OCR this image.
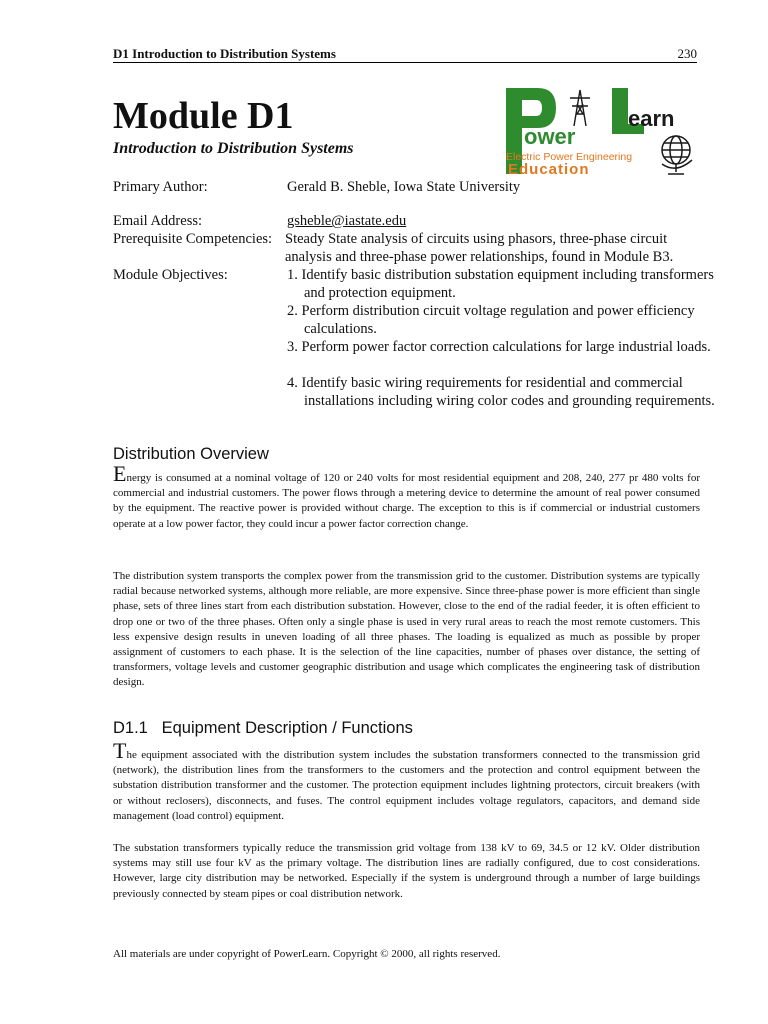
D1 Introduction to Distribution Systems	230
Module D1
Introduction to Distribution Systems
earn
ower
Electric Power Engineering
Education
Primary Author:	Gerald B. Sheble, Iowa State University
Email Address:	gsheble@iastate.edu
Prerequisite Competencies: Steady State analysis of circuits using phasors, three-phase circuit analysis and three-phase power relationships, found in Module B3.
Module Objectives:	1. Identify basic distribution substation equipment including transformers and protection equipment.
2. Perform distribution circuit voltage regulation and power efficiency calculations.
3. Perform power factor correction calculations for large industrial loads.
4. Identify basic wiring requirements for residential and commercial installations including wiring color codes and grounding requirements.
Distribution Overview

Energy is consumed at a nominal voltage of 120 or 240 volts for most residential equipment and 208, 240, 277 pr 480 volts for commercial and industrial customers. The power flows through a metering device to determine the amount of real power consumed by the equipment. The reactive power is provided without charge. The exception to this is if commercial or industrial customers operate at a low power factor, they could incur a power factor correction change.

The distribution system transports the complex power from the transmission grid to the customer. Distribution systems are typically radial because networked systems, although more reliable, are more expensive. Since three-phase power is more efficient than single phase, sets of three lines start from each distribution substation. However, close to the end of the radial feeder, it is often efficient to drop one or two of the three phases. Often only a single phase is used in very rural areas to reach the most remote customers. This less expensive design results in uneven loading of all three phases. The loading is equalized as much as possible by proper assignment of customers to each phase. It is the selection of the line capacities, number of phases over distance, the setting of transformers, voltage levels and customer geographic distribution and usage which complicates the engineering task of distribution design.

D1.1   Equipment Description / Functions

The equipment associated with the distribution system includes the substation transformers connected to the transmission grid (network), the distribution lines from the transformers to the customers and the protection and control equipment between the substation distribution transformer and the customer. The protection equipment includes lightning protectors, circuit breakers (with or without reclosers), disconnects, and fuses. The control equipment includes voltage regulators, capacitors, and demand side management (load control) equipment.

The substation transformers typically reduce the transmission grid voltage from 138 kV to 69, 34.5 or 12 kV. Older distribution systems may still use four kV as the primary voltage. The distribution lines are radially configured, due to cost considerations. However, large city distribution may be networked. Especially if the system is underground through a number of large buildings previously connected by steam pipes or coal distribution network.

All materials are under copyright of PowerLearn. Copyright © 2000, all rights reserved.
